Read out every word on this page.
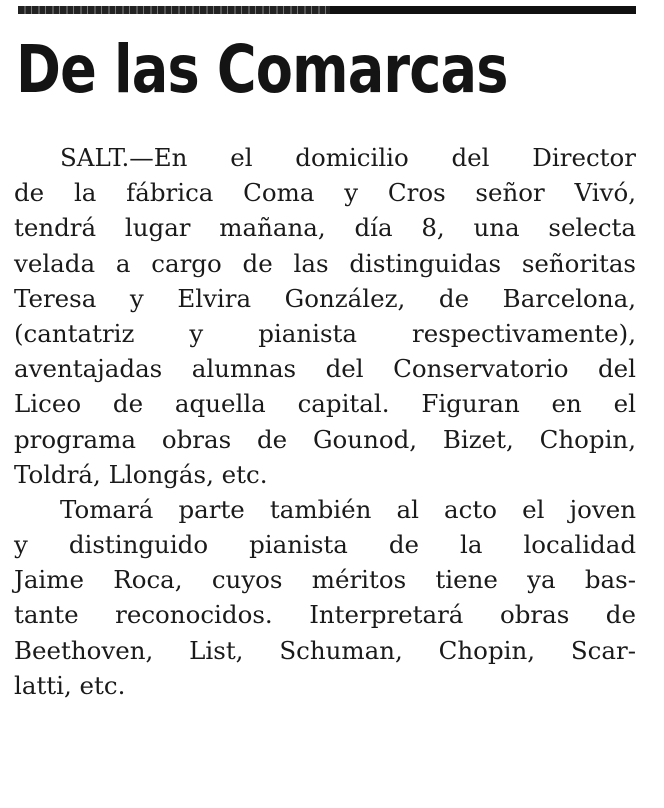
De las Comarcas
SALT.—En el domicilio del Director
de la fábrica Coma y Cros señor Vivó,
tendrá lugar mañana, día 8, una selecta
velada a cargo de las distinguidas señoritas
Teresa y Elvira González, de Barcelona,
(cantatriz y pianista respectivamente),
aventajadas alumnas del Conservatorio del
Liceo de aquella capital. Figuran en el
programa obras de Gounod, Bizet, Chopin,
Toldrá, Llongás, etc.
Tomará parte también al acto el joven
y distinguido pianista de la localidad
Jaime Roca, cuyos méritos tiene ya bas-
tante reconocidos. Interpretará obras de
Beethoven, List, Schuman, Chopin, Scar-
latti, etc.
